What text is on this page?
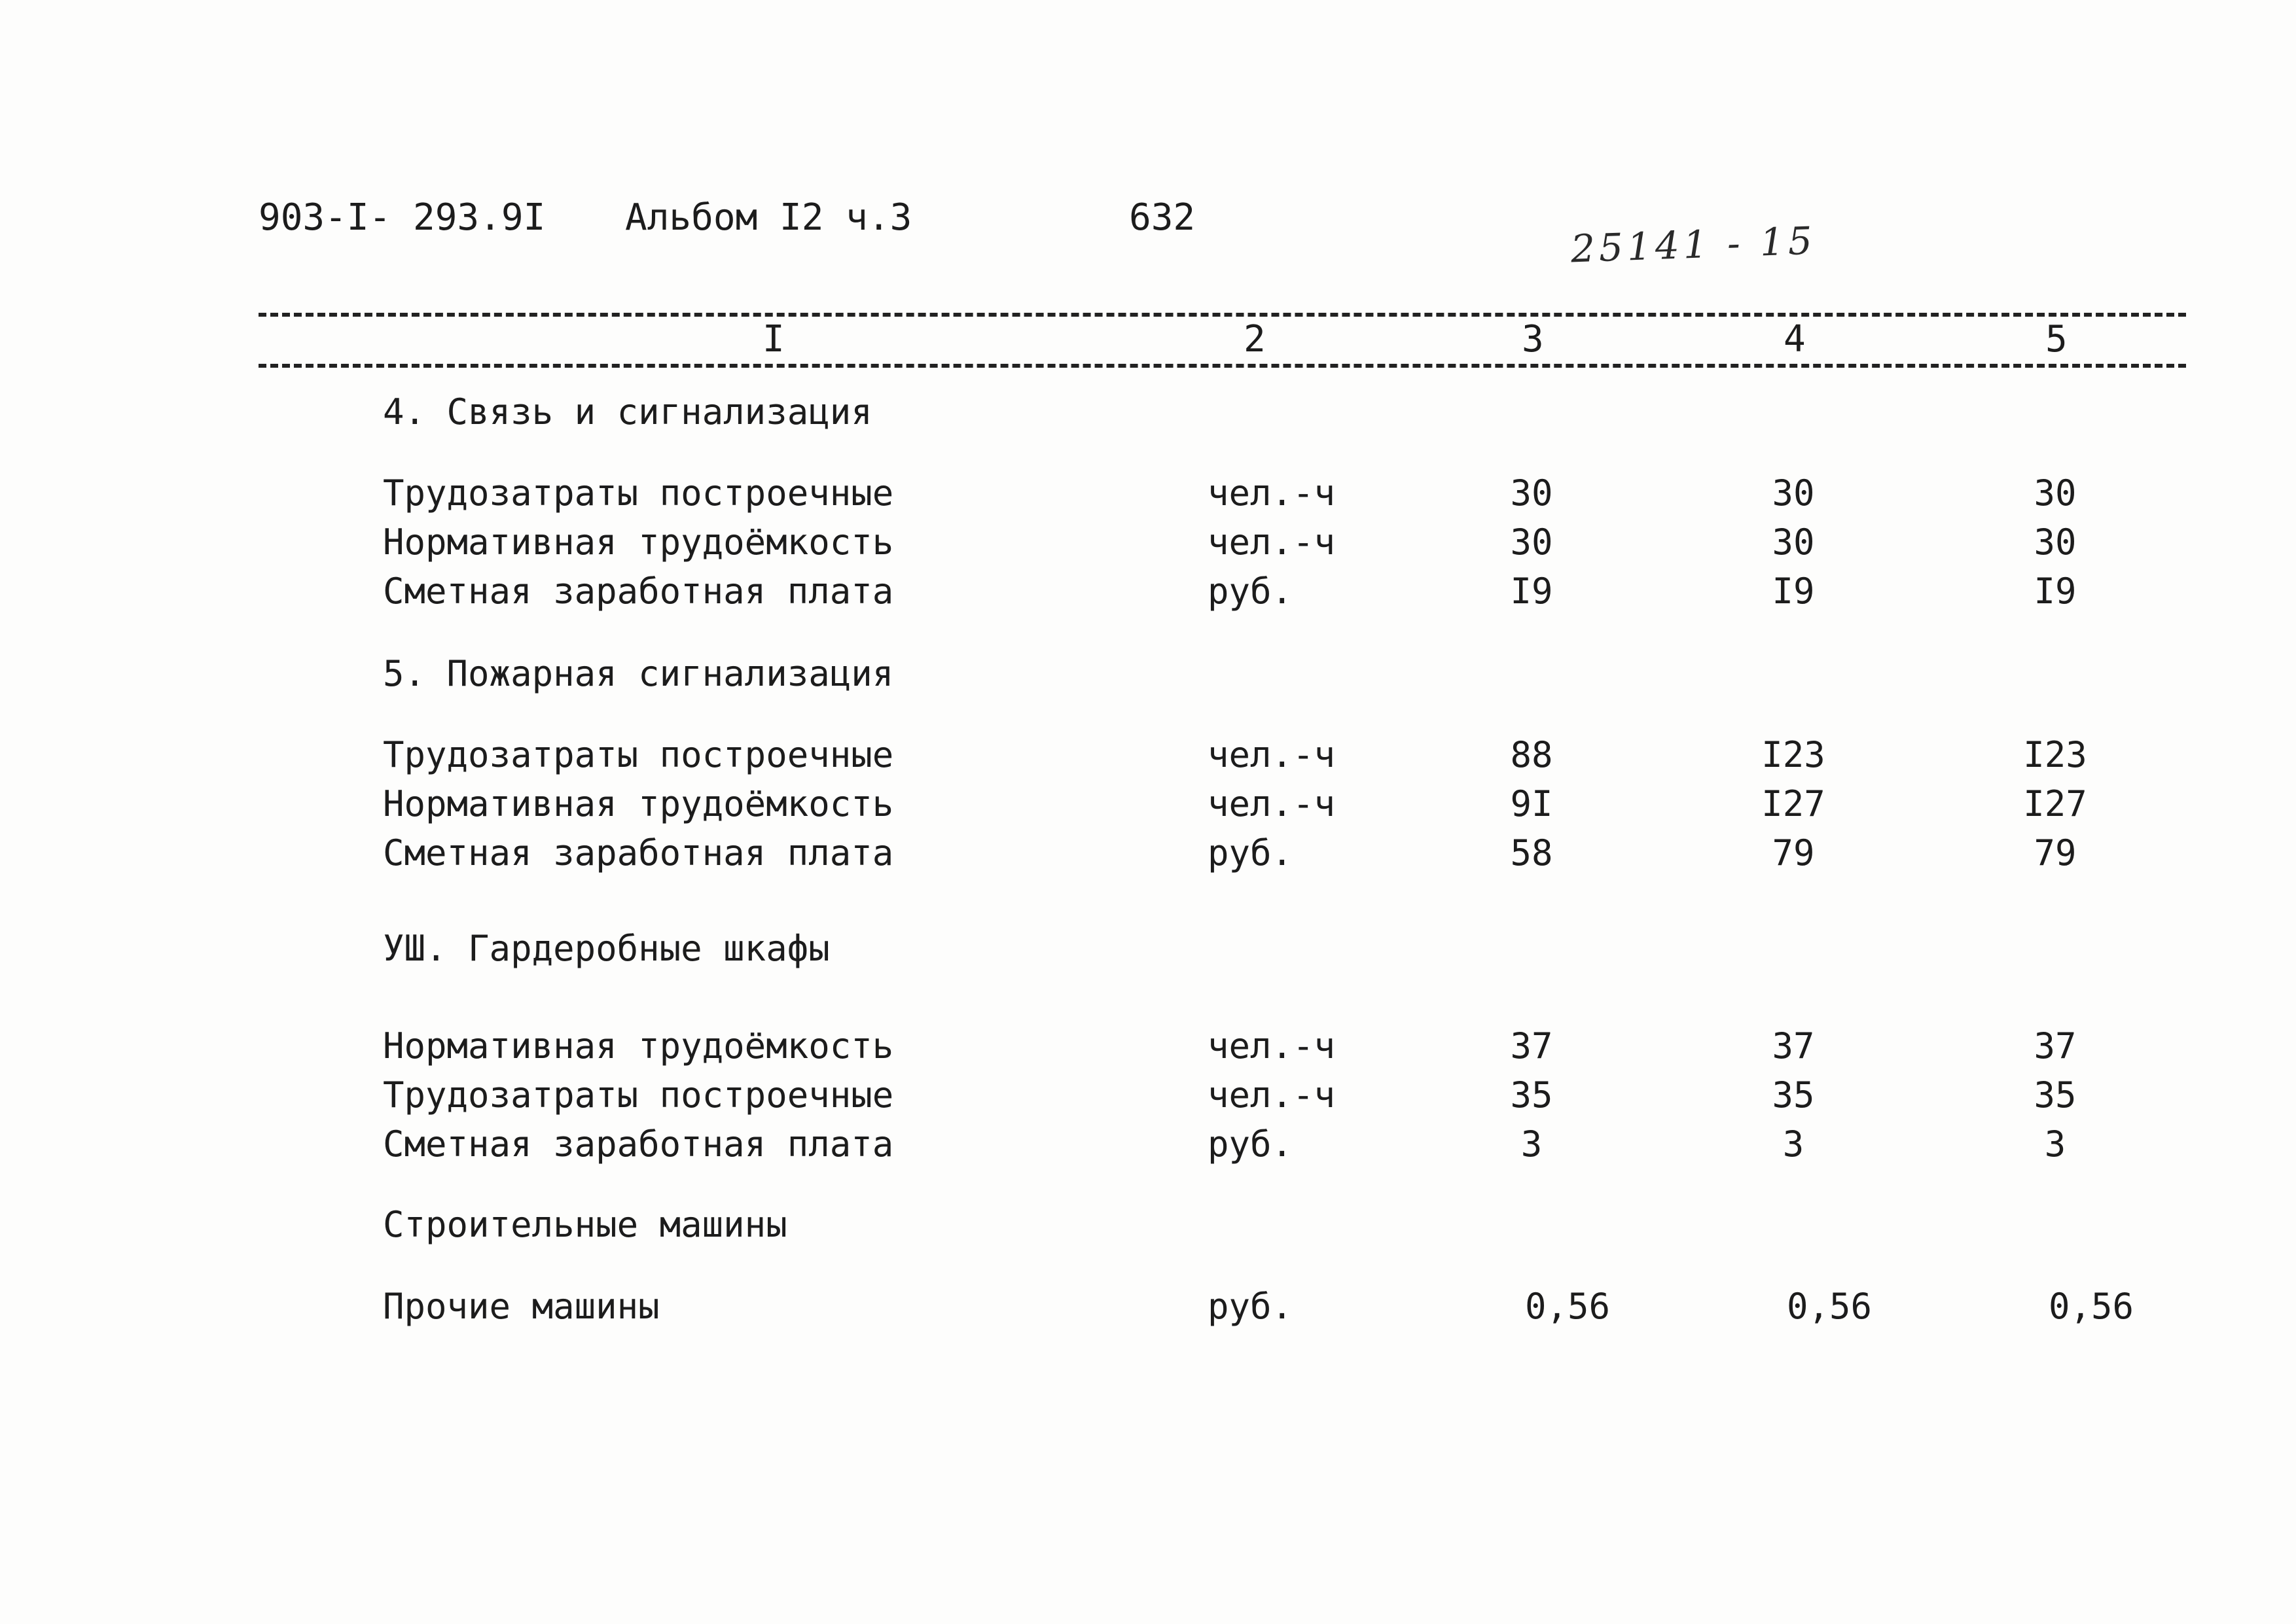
903-I- 293.9I Альбом I2 ч.3	632
25141 - 15
I	2	3	4	5
4. Связь и сигнализация
Трудозатраты построечные	чел.-ч	30	30	30
Нормативная трудоёмкость	чел.-ч	30	30	30
Сметная заработная плата	руб.	I9	I9	I9
5. Пожарная сигнализация
Трудозатраты построечные	чел.-ч	88	I23	I23
Нормативная трудоёмкость	чел.-ч	9I	I27	I27
Сметная заработная плата	руб.	58	79	79
УШ. Гардеробные шкафы
Нормативная трудоёмкость	чел.-ч	37	37	37
Трудозатраты построечные	чел.-ч	35	35	35
Сметная заработная плата	руб.	3	3	3
Строительные машины
Прочие машины	руб.	0,56	0,56	0,56
